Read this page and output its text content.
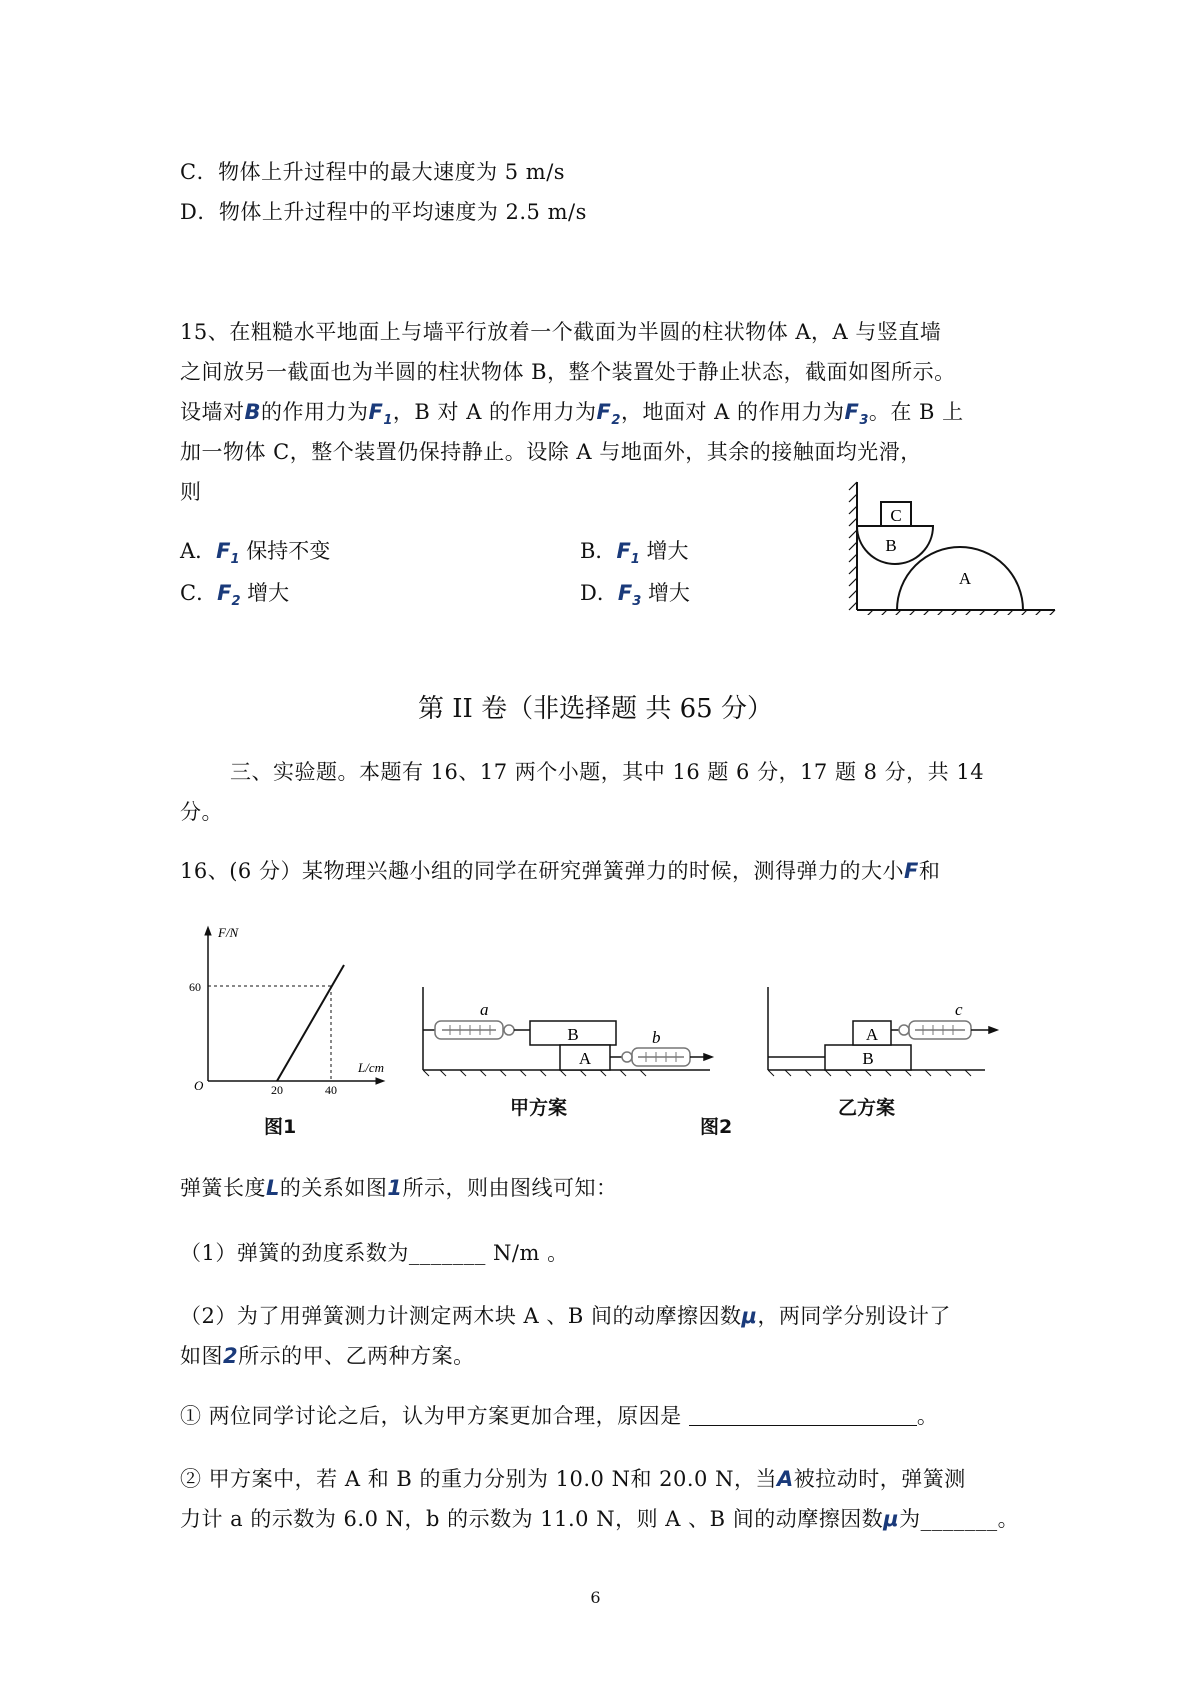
C．物体上升过程中的最大速度为 5 m/s
D．物体上升过程中的平均速度为 2.5 m/s
15、在粗糙水平地面上与墙平行放着一个截面为半圆的柱状物体 A，A 与竖直墙
之间放另一截面也为半圆的柱状物体 B，整个装置处于静止状态，截面如图所示。
设墙对B的作用力为$F_1$，B 对 A 的作用力为$F_2$，地面对 A 的作用力为$F_3$。在 B 上
加一物体 C，整个装置仍保持静止。设除 A 与地面外，其余的接触面均光滑，
则
A．$F_1$ 保持不变	B．$F_1$ 增大
C．$F_2$ 增大	D．$F_3$ 增大
C
B
A
第 II 卷（非选择题 共 65 分）
三、实验题。本题有 16、17 两个小题，其中 16 题 6 分，17 题 8 分，共 14
分。
16、(6 分）某物理兴趣小组的同学在研究弹簧弹力的时候，测得弹力的大小F和
F/N
L/cm
O
60
20	40
图1
a
b
B
A
甲方案
c
A
B
乙方案
图2
弹簧长度L的关系如图1所示，则由图线可知：
（1）弹簧的劲度系数为_______ N/m 。
（2）为了用弹簧测力计测定两木块 A 、B 间的动摩擦因数μ，两同学分别设计了
如图2所示的甲、乙两种方案。
① 两位同学讨论之后，认为甲方案更加合理，原因是	。
② 甲方案中，若 A 和 B 的重力分别为 10.0 N和 20.0 N，当A被拉动时，弹簧测
力计 a 的示数为 6.0 N，b 的示数为 11.0 N，则 A 、B 间的动摩擦因数μ为_______。
6
